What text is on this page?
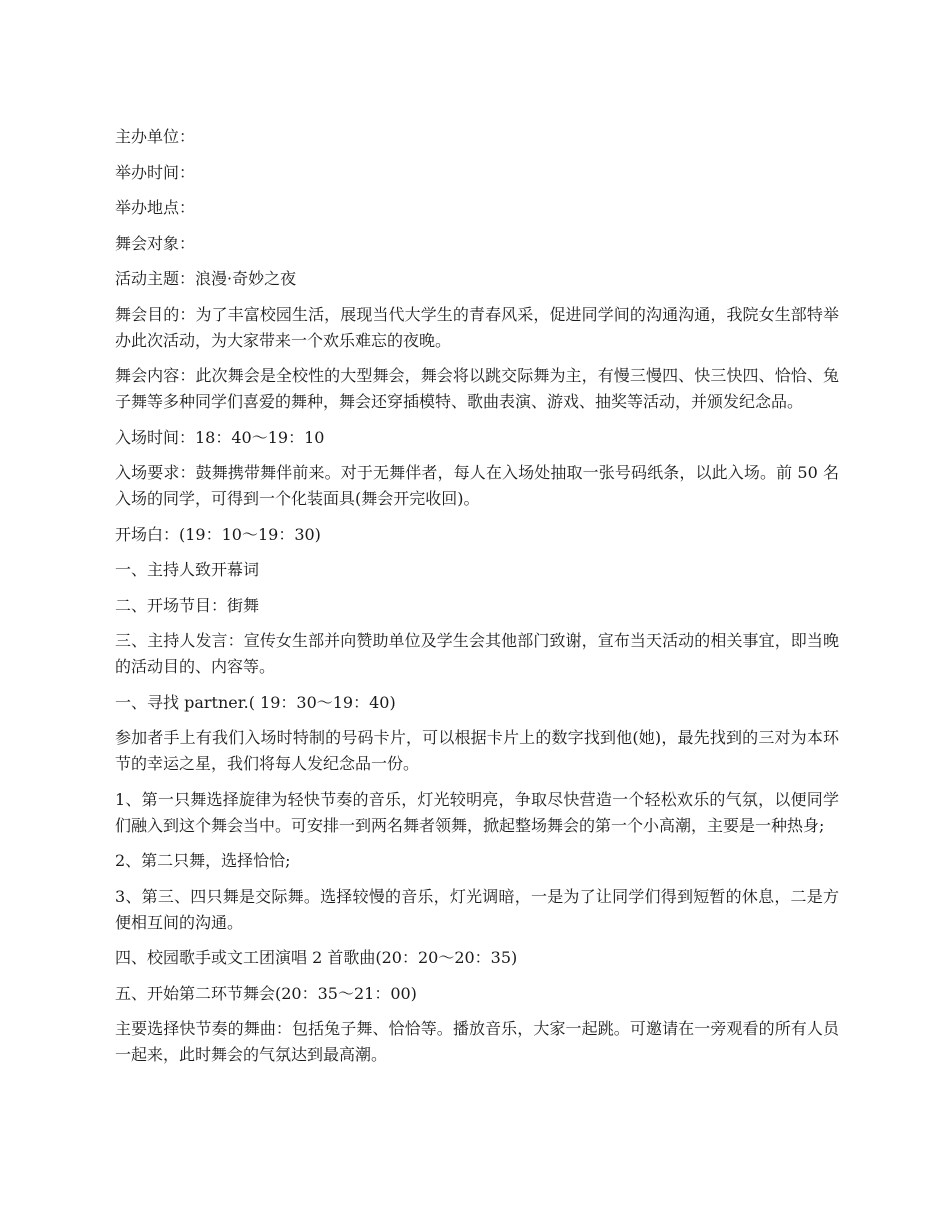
主办单位：

举办时间：

举办地点：

舞会对象：

活动主题：浪漫·奇妙之夜

舞会目的：为了丰富校园生活，展现当代大学生的青春风采，促进同学间的沟通沟通，我院女生部特举办此次活动，为大家带来一个欢乐难忘的夜晚。

舞会内容：此次舞会是全校性的大型舞会，舞会将以跳交际舞为主，有慢三慢四、快三快四、恰恰、兔子舞等多种同学们喜爱的舞种，舞会还穿插模特、歌曲表演、游戏、抽奖等活动，并颁发纪念品。

入场时间：18：40～19：10

入场要求：鼓舞携带舞伴前来。对于无舞伴者，每人在入场处抽取一张号码纸条，以此入场。前 50 名入场的同学，可得到一个化装面具(舞会开完收回)。

开场白：(19：10～19：30)

一、主持人致开幕词

二、开场节目：街舞

三、主持人发言：宣传女生部并向赞助单位及学生会其他部门致谢，宣布当天活动的相关事宜，即当晚的活动目的、内容等。

一、寻找 partner.( 19：30～19：40)

参加者手上有我们入场时特制的号码卡片，可以根据卡片上的数字找到他(她)，最先找到的三对为本环节的幸运之星，我们将每人发纪念品一份。

1、第一只舞选择旋律为轻快节奏的音乐，灯光较明亮，争取尽快营造一个轻松欢乐的气氛，以便同学们融入到这个舞会当中。可安排一到两名舞者领舞，掀起整场舞会的第一个小高潮，主要是一种热身;

2、第二只舞，选择恰恰;

3、第三、四只舞是交际舞。选择较慢的音乐，灯光调暗，一是为了让同学们得到短暂的休息，二是方便相互间的沟通。

四、校园歌手或文工团演唱 2 首歌曲(20：20～20：35)

五、开始第二环节舞会(20：35～21：00)

主要选择快节奏的舞曲：包括兔子舞、恰恰等。播放音乐，大家一起跳。可邀请在一旁观看的所有人员一起来，此时舞会的气氛达到最高潮。
